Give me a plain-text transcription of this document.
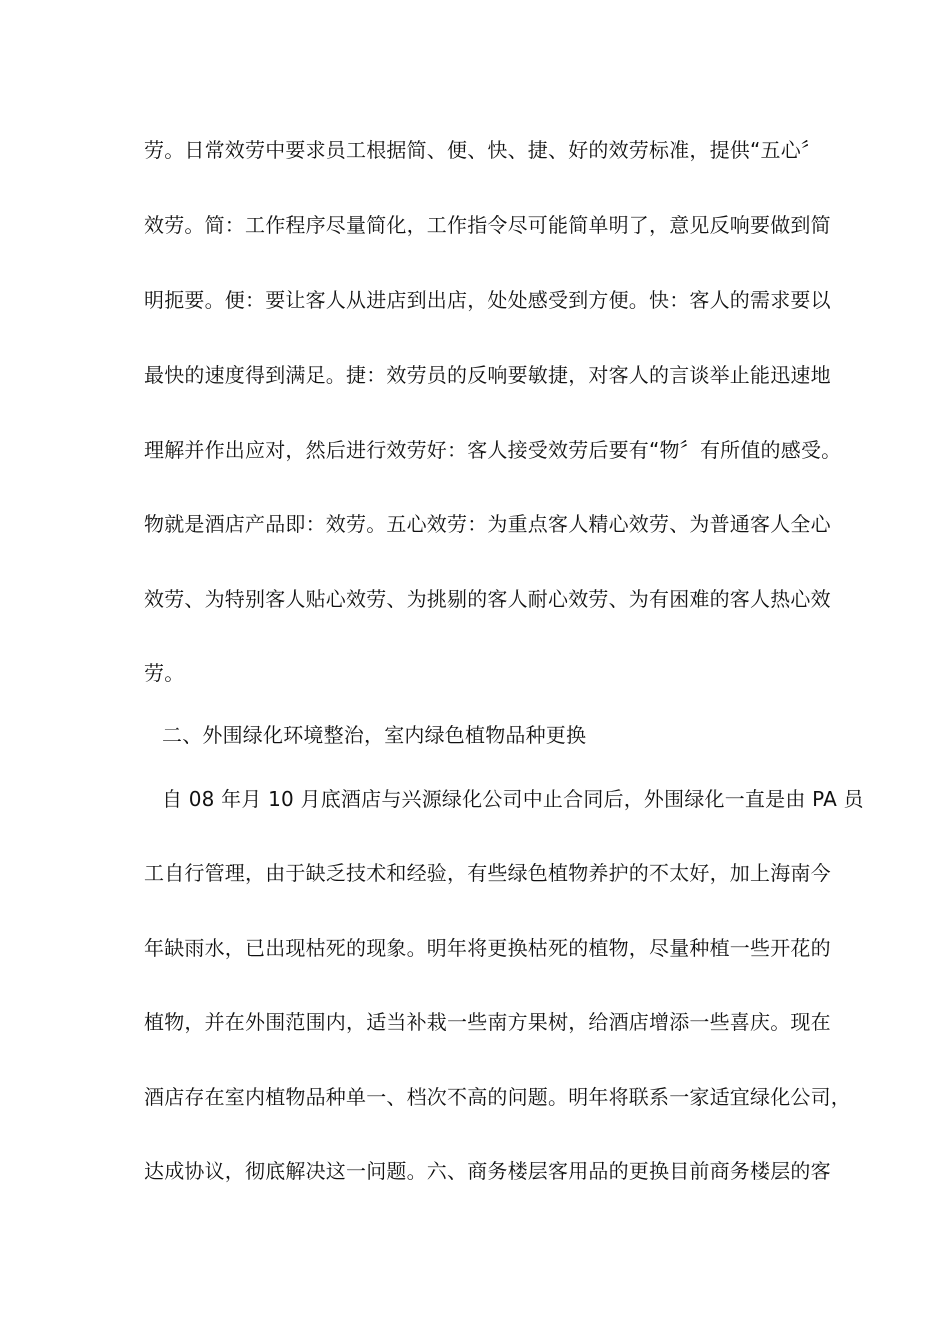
劳。日常效劳中要求员工根据简、便、快、捷、好的效劳标准，提供“五心〞
效劳。简：工作程序尽量简化，工作指令尽可能简单明了，意见反响要做到简
明扼要。便：要让客人从进店到出店，处处感受到方便。快：客人的需求要以
最快的速度得到满足。捷：效劳员的反响要敏捷，对客人的言谈举止能迅速地
理解并作出应对，然后进行效劳好：客人接受效劳后要有“物〞有所值的感受。
物就是酒店产品即：效劳。五心效劳：为重点客人精心效劳、为普通客人全心
效劳、为特别客人贴心效劳、为挑剔的客人耐心效劳、为有困难的客人热心效
劳。
二、外围绿化环境整治，室内绿色植物品种更换
自 08 年月 10 月底酒店与兴源绿化公司中止合同后，外围绿化一直是由 PA 员
工自行管理，由于缺乏技术和经验，有些绿色植物养护的不太好，加上海南今
年缺雨水，已出现枯死的现象。明年将更换枯死的植物，尽量种植一些开花的
植物，并在外围范围内，适当补栽一些南方果树，给酒店增添一些喜庆。现在
酒店存在室内植物品种单一、档次不高的问题。明年将联系一家适宜绿化公司，
达成协议，彻底解决这一问题。六、商务楼层客用品的更换目前商务楼层的客
